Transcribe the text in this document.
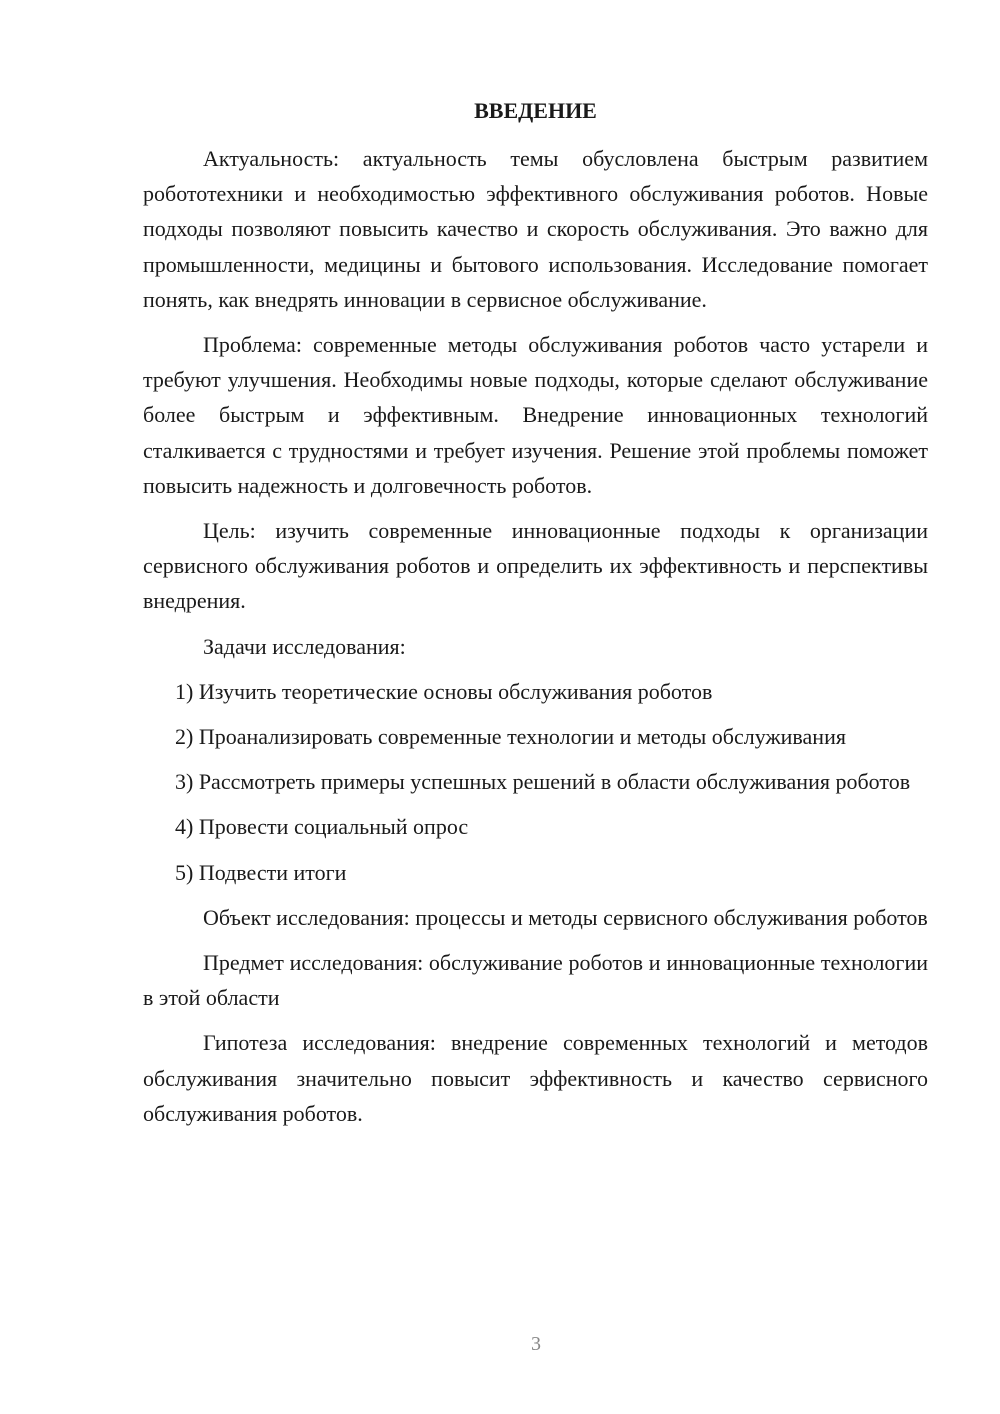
ВВЕДЕНИЕ

Актуальность: актуальность темы обусловлена быстрым развитием робототехники и необходимостью эффективного обслуживания роботов. Новые подходы позволяют повысить качество и скорость обслуживания. Это важно для промышленности, медицины и бытового использования. Исследование помогает понять, как внедрять инновации в сервисное обслуживание.

Проблема: современные методы обслуживания роботов часто устарели и требуют улучшения. Необходимы новые подходы, которые сделают обслуживание более быстрым и эффективным. Внедрение инновационных технологий сталкивается с трудностями и требует изучения. Решение этой проблемы поможет повысить надежность и долговечность роботов.

Цель: изучить современные инновационные подходы к организации сервисного обслуживания роботов и определить их эффективность и перспективы внедрения.

Задачи исследования:

1) Изучить теоретические основы обслуживания роботов

2) Проанализировать современные технологии и методы обслуживания

3) Рассмотреть примеры успешных решений в области обслуживания роботов

4) Провести социальный опрос

5) Подвести итоги

Объект исследования: процессы и методы сервисного обслуживания роботов

Предмет исследования: обслуживание роботов и инновационные технологии в этой области

Гипотеза исследования: внедрение современных технологий и методов обслуживания значительно повысит эффективность и качество сервисного обслуживания роботов.

3
